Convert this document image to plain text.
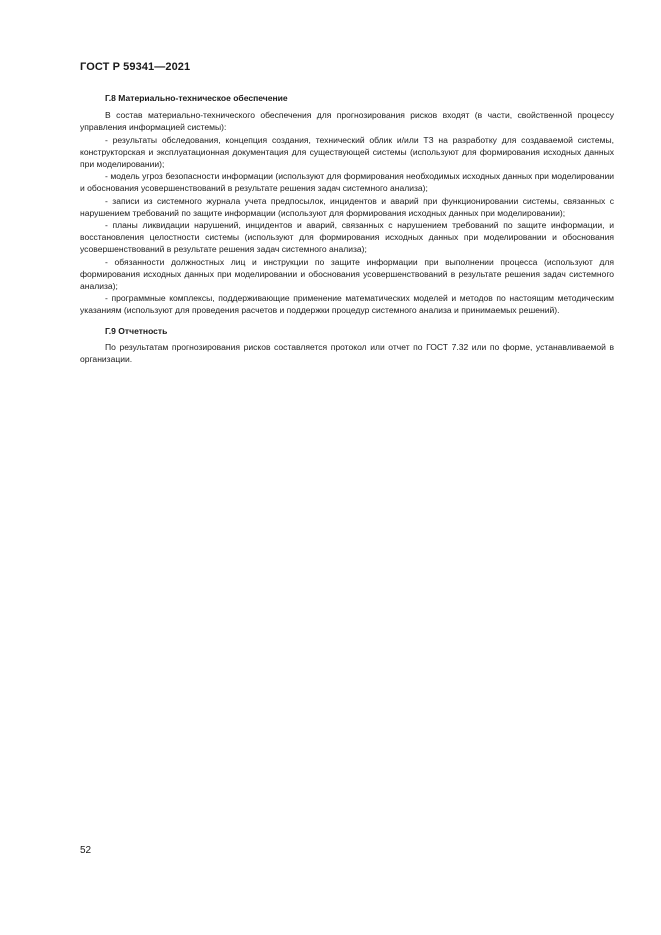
ГОСТ Р 59341—2021

Г.8 Материально-техническое обеспечение

В состав материально-технического обеспечения для прогнозирования рисков входят (в части, свойственной процессу управления информацией системы):

- результаты обследования, концепция создания, технический облик и/или ТЗ на разработку для создаваемой системы, конструкторская и эксплуатационная документация для существующей системы (используют для формирования исходных данных при моделировании);

- модель угроз безопасности информации (используют для формирования необходимых исходных данных при моделировании и обоснования усовершенствований в результате решения задач системного анализа);

- записи из системного журнала учета предпосылок, инцидентов и аварий при функционировании системы, связанных с нарушением требований по защите информации (используют для формирования исходных данных при моделировании);

- планы ликвидации нарушений, инцидентов и аварий, связанных с нарушением требований по защите информации, и восстановления целостности системы (используют для формирования исходных данных при моделировании и обоснования усовершенствований в результате решения задач системного анализа);

- обязанности должностных лиц и инструкции по защите информации при выполнении процесса (используют для формирования исходных данных при моделировании и обоснования усовершенствований в результате решения задач системного анализа);

- программные комплексы, поддерживающие применение математических моделей и методов по настоящим методическим указаниям (используют для проведения расчетов и поддержки процедур системного анализа и принимаемых решений).

Г.9 Отчетность

По результатам прогнозирования рисков составляется протокол или отчет по ГОСТ 7.32 или по форме, устанавливаемой в организации.

52
